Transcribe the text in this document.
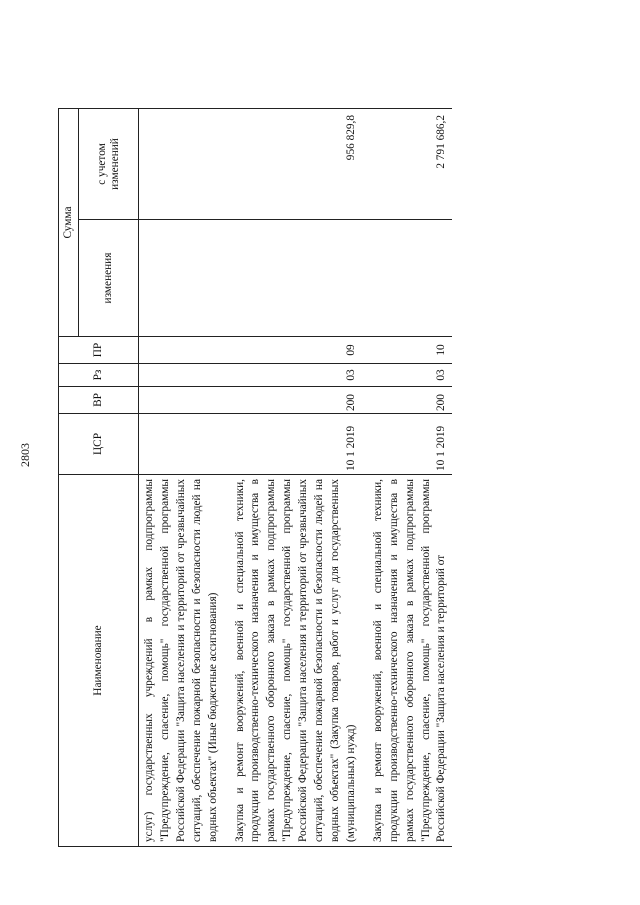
2803
Наименование	ЦСР	ВР	Рз	ПР	Сумма	
					изменения	с учетом
изменений
услуг) государственных учреждений в рамках подпрограммы "Предупреждение, спасение, помощь" государственной программы Российской Федерации "Защита населения и территорий от чрезвычайных ситуаций, обеспечение пожарной безопасности и безопасности людей на водных объектах" (Иные бюджетные ассигнования)						
Закупка и ремонт вооружений, военной и специальной техники, продукции производственно-технического назначения и имущества в рамках государственного оборонного заказа в рамках подпрограммы "Предупреждение, спасение, помощь" государственной программы Российской Федерации "Защита населения и территорий от чрезвычайных ситуаций, обеспечение пожарной безопасности и безопасности людей на водных объектах" (Закупка товаров, работ и услуг для государственных (муниципальных) нужд)	10 1 2019	200	03	09		956 829,8
Закупка и ремонт вооружений, военной и специальной техники, продукции производственно-технического назначения и имущества в рамках государственного оборонного заказа в рамках подпрограммы "Предупреждение, спасение, помощь" государственной программы Российской Федерации "Защита населения и территорий от	10 1 2019	200	03	10		2 791 686,2
